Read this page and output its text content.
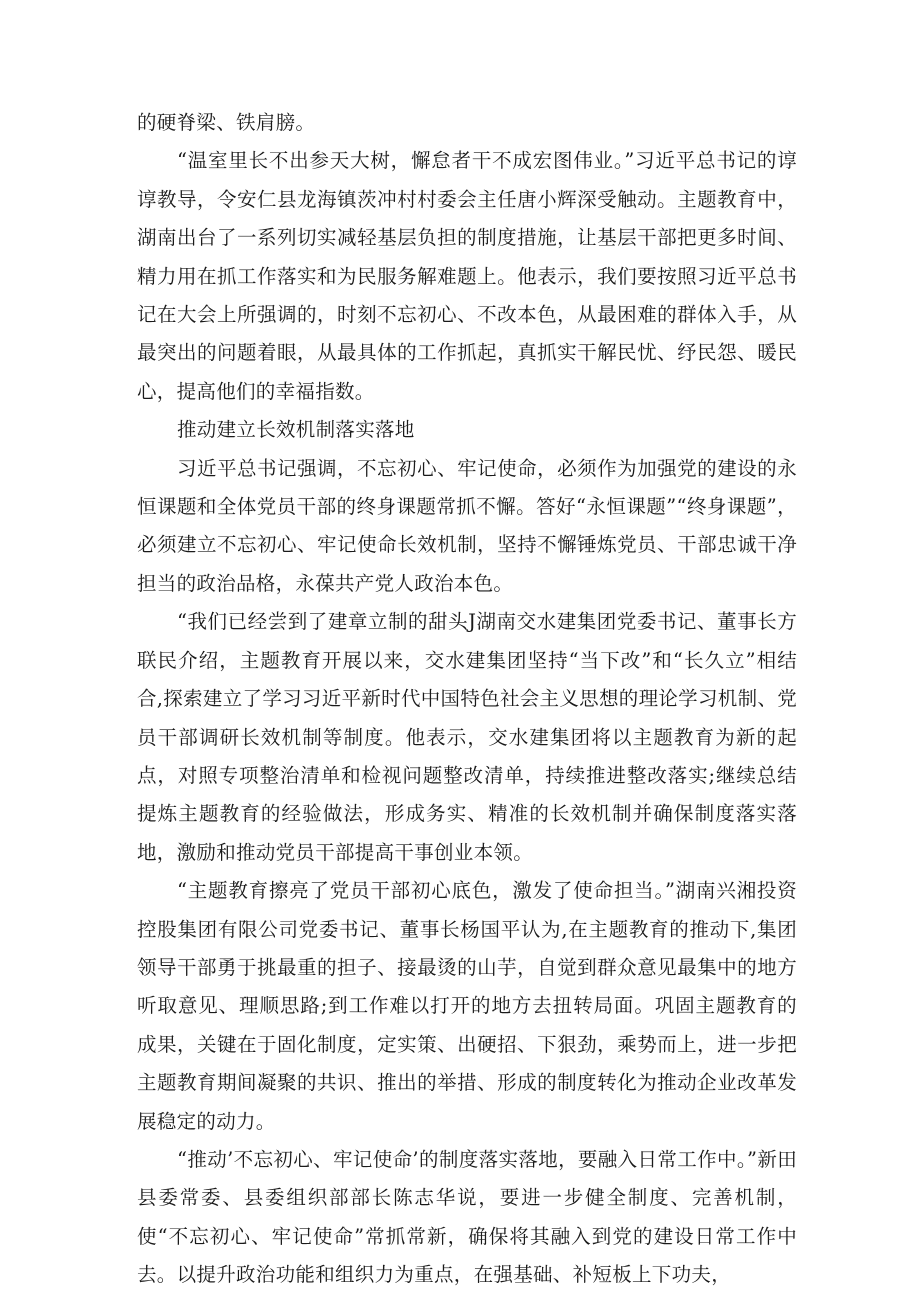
的硬脊梁、铁肩膀。

“温室里长不出参天大树，懈怠者干不成宏图伟业。”习近平总书记的谆谆教导，令安仁县龙海镇茨冲村村委会主任唐小辉深受触动。主题教育中，湖南出台了一系列切实减轻基层负担的制度措施，让基层干部把更多时间、精力用在抓工作落实和为民服务解难题上。他表示，我们要按照习近平总书记在大会上所强调的，时刻不忘初心、不改本色，从最困难的群体入手，从最突出的问题着眼，从最具体的工作抓起，真抓实干解民忧、纾民怨、暖民心，提高他们的幸福指数。

推动建立长效机制落实落地

习近平总书记强调，不忘初心、牢记使命，必须作为加强党的建设的永恒课题和全体党员干部的终身课题常抓不懈。答好“永恒课题”“终身课题”，必须建立不忘初心、牢记使命长效机制，坚持不懈锤炼党员、干部忠诚干净担当的政治品格，永葆共产党人政治本色。

“我们已经尝到了建章立制的甜头J湖南交水建集团党委书记、董事长方联民介绍，主题教育开展以来，交水建集团坚持“当下改”和“长久立”相结合,探索建立了学习习近平新时代中国特色社会主义思想的理论学习机制、党员干部调研长效机制等制度。他表示，交水建集团将以主题教育为新的起点，对照专项整治清单和检视问题整改清单，持续推进整改落实;继续总结提炼主题教育的经验做法，形成务实、精准的长效机制并确保制度落实落地，激励和推动党员干部提高干事创业本领。

“主题教育擦亮了党员干部初心底色，激发了使命担当。”湖南兴湘投资控股集团有限公司党委书记、董事长杨国平认为,在主题教育的推动下,集团领导干部勇于挑最重的担子、接最烫的山芋，自觉到群众意见最集中的地方听取意见、理顺思路;到工作难以打开的地方去扭转局面。巩固主题教育的成果，关键在于固化制度，定实策、出硬招、下狠劲，乘势而上，进一步把主题教育期间凝聚的共识、推出的举措、形成的制度转化为推动企业改革发展稳定的动力。

“推动’不忘初心、牢记使命’的制度落实落地，要融入日常工作中。”新田县委常委、县委组织部部长陈志华说，要进一步健全制度、完善机制，使“不忘初心、牢记使命”常抓常新，确保将其融入到党的建设日常工作中去。以提升政治功能和组织力为重点，在强基础、补短板上下功夫，
